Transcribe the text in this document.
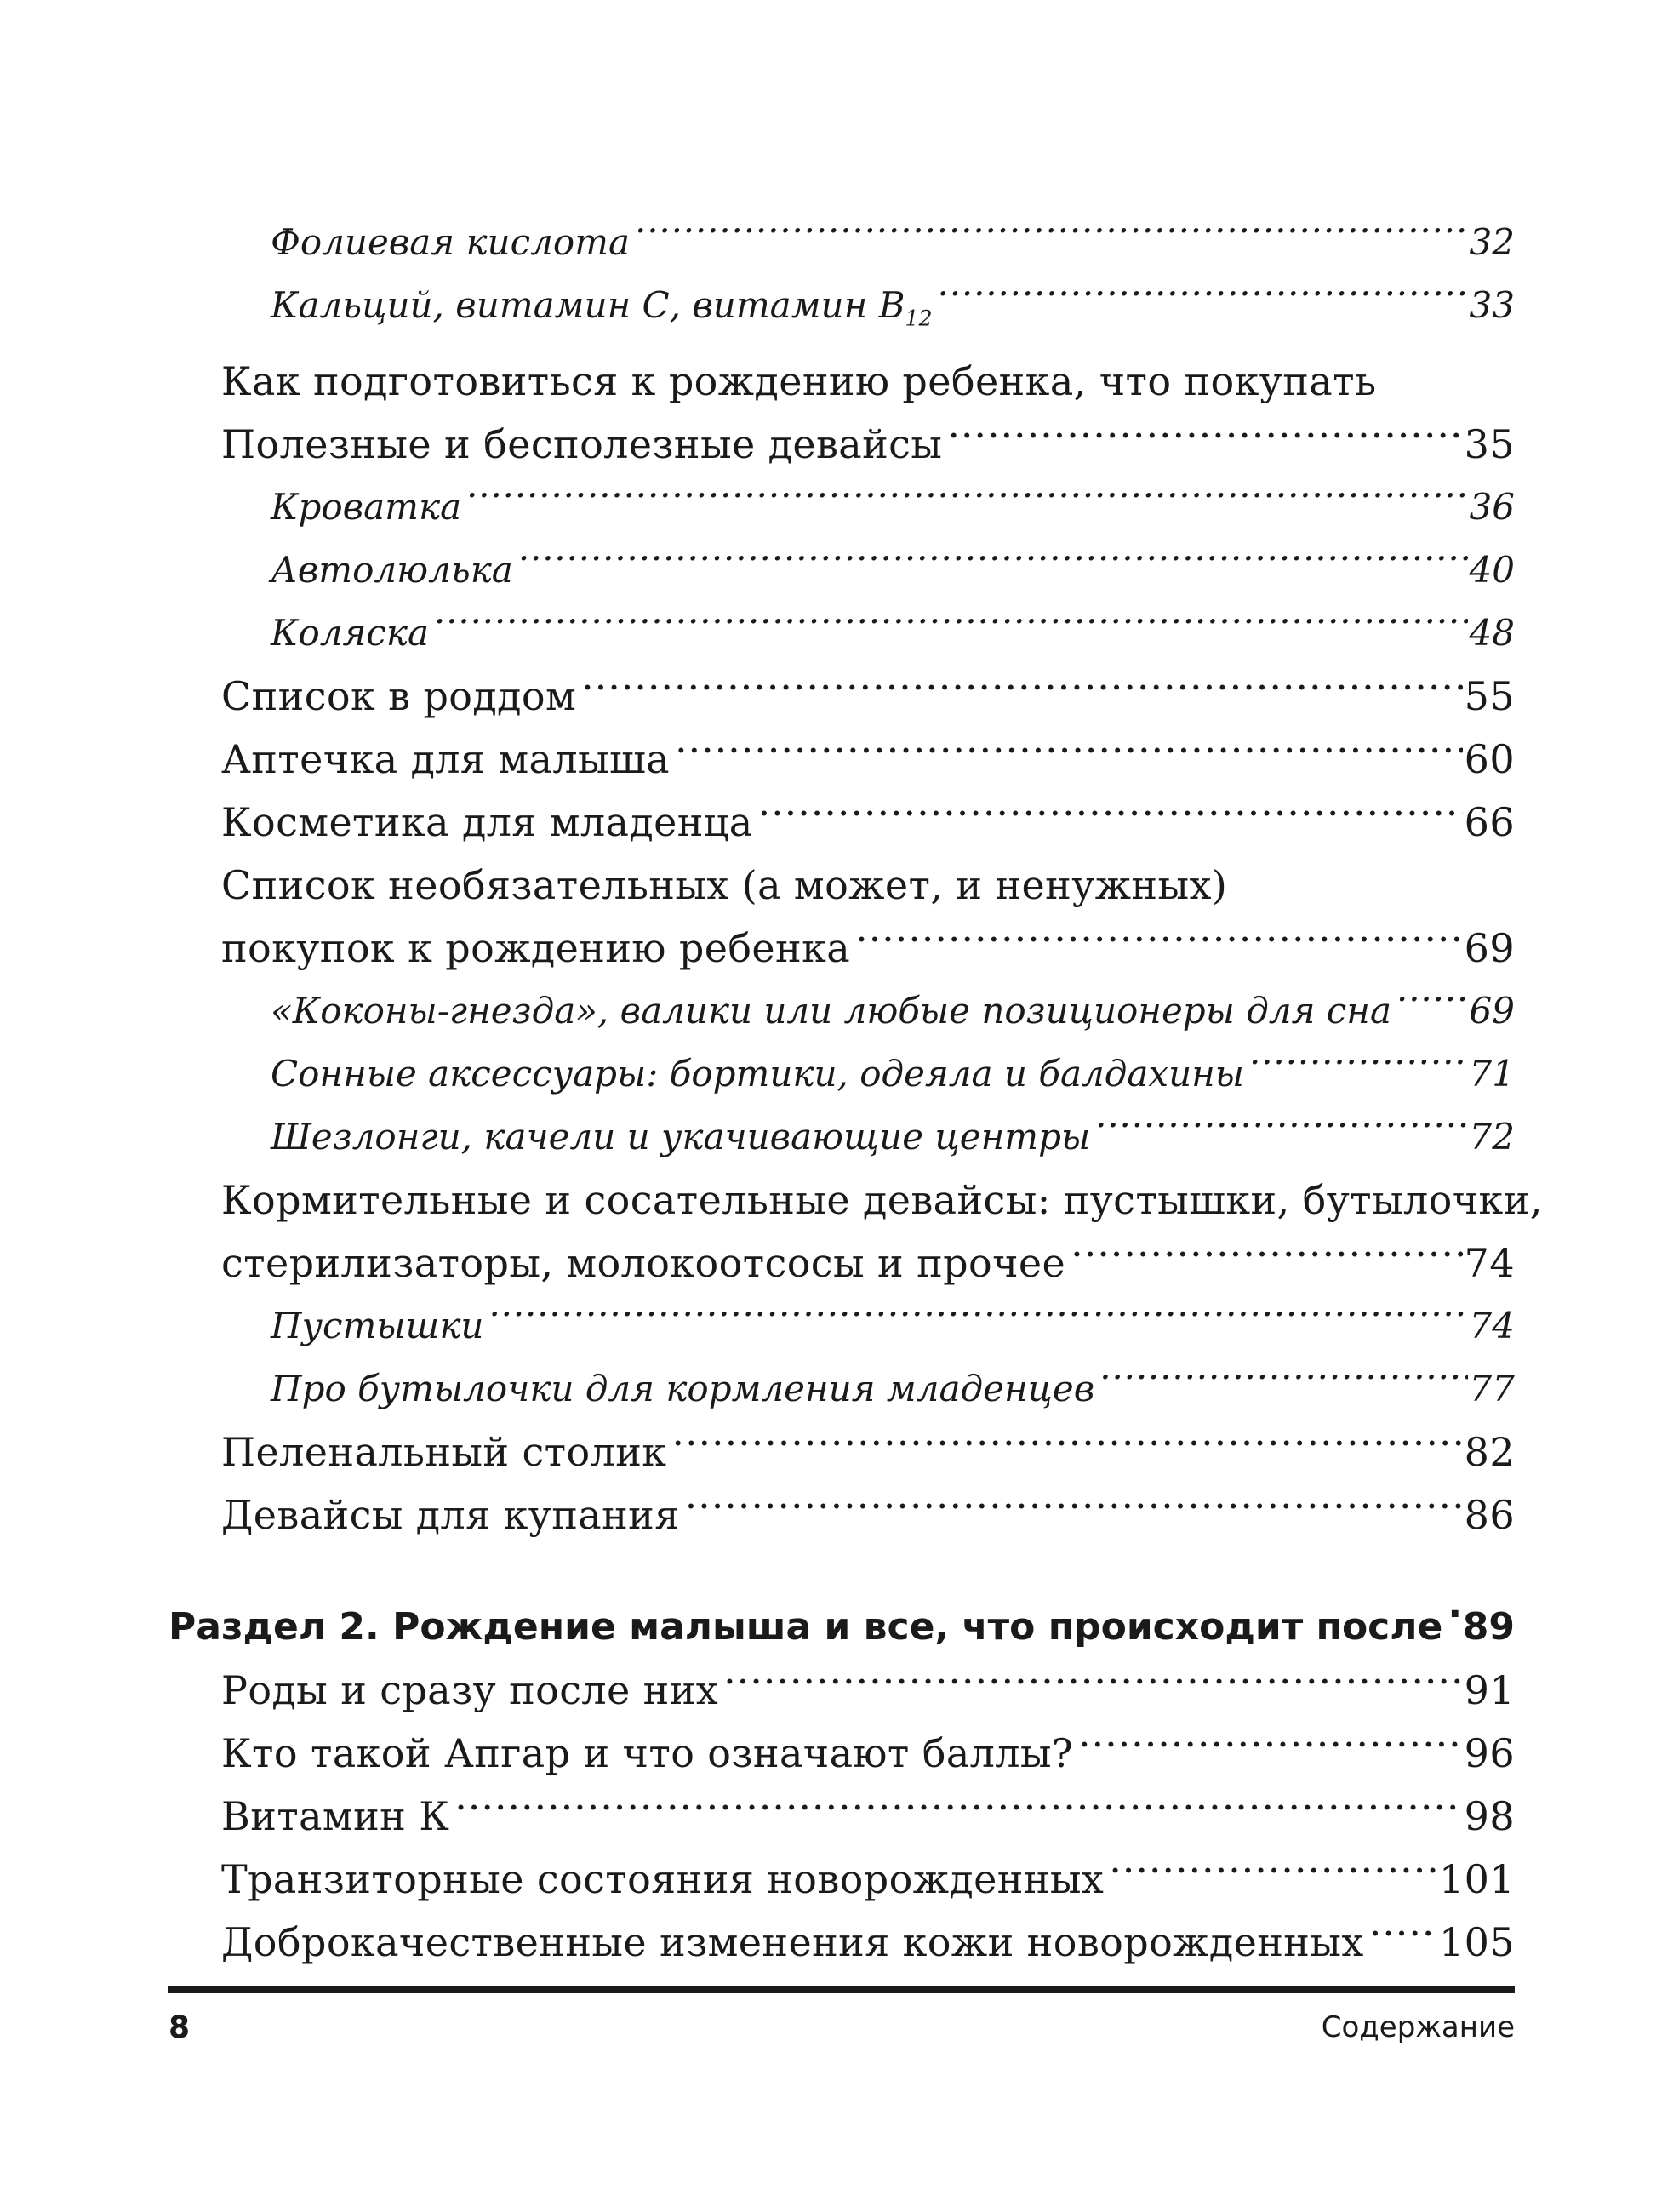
Фолиевая кислота .....	32
Кальций, витамин С, витамин $B_{12}$ .....	33
Как подготовиться к рождению ребенка, что покупать
Полезные и бесполезные девайсы .....	35
Кроватка .....	36
Автолюлька .....	40
Коляска .....	48
Список в роддом .....	55
Аптечка для малыша .....	60
Косметика для младенца .....	66
Список необязательных (а может, и ненужных)
покупок к рождению ребенка .....	69
«Коконы-гнезда», валики или любые позиционеры для сна ..... 69
Сонные аксессуары: бортики, одеяла и балдахины .....	71
Шезлонги, качели и укачивающие центры .....	72
Кормительные и сосательные девайсы: пустышки, бутылочки,
стерилизаторы, молокоотсосы и прочее .....	74
Пустышки .....	74
Про бутылочки для кормления младенцев .....	77
Пеленальный столик .....	82
Девайсы для купания .....	86
Раздел 2. Рождение малыша и все, что происходит после ..... 89
Роды и сразу после них .....	91
Кто такой Апгар и что означают баллы? .....	96
Витамин К .....	98
Транзиторные состояния новорожденных .....	101
Доброкачественные изменения кожи новорожденных ..... 105
8	Содержание
